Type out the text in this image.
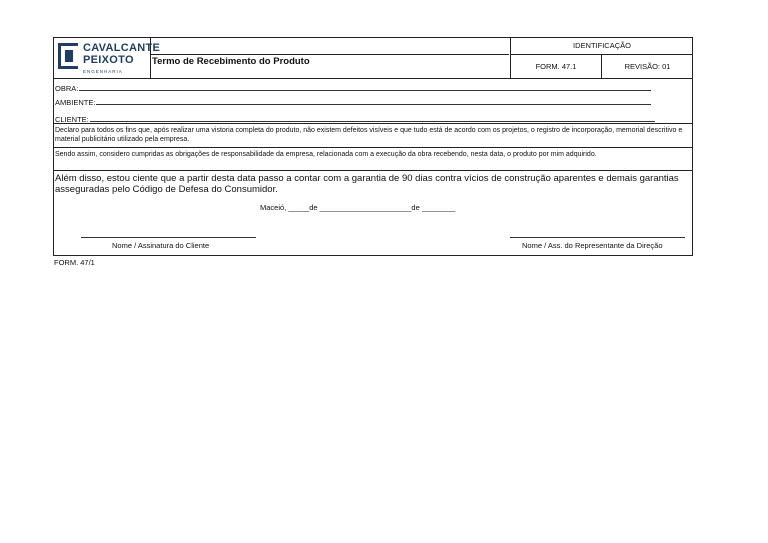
CAVALCANTE
PEIXOTO
ENGENHARIA
Termo de Recebimento do Produto
IDENTIFICAÇÃO
FORM. 47.1	REVISÃO: 01
OBRA:
AMBIENTE:
CLIENTE:
Declaro para todos os fins que, após realizar uma vistoria completa do produto, não existem defeitos visíveis e que tudo está de acordo com os projetos, o registro de incorporação, memorial descritivo e material publicitário utilizado pela empresa.
Sendo assim, considero cumpridas as obrigações de responsabilidade da empresa, relacionada com a execução da obra recebendo, nesta data, o produto por mim adquirido.
Além disso, estou ciente que a partir desta data passo a contar com a garantia de 90 dias contra vícios de construção aparentes e demais garantias asseguradas pelo Código de Defesa do Consumidor.
Maceió, _____de ______________________de ________
Nome / Assinatura do Cliente	Nome / Ass. do Representante da Direção
FORM. 47/1
